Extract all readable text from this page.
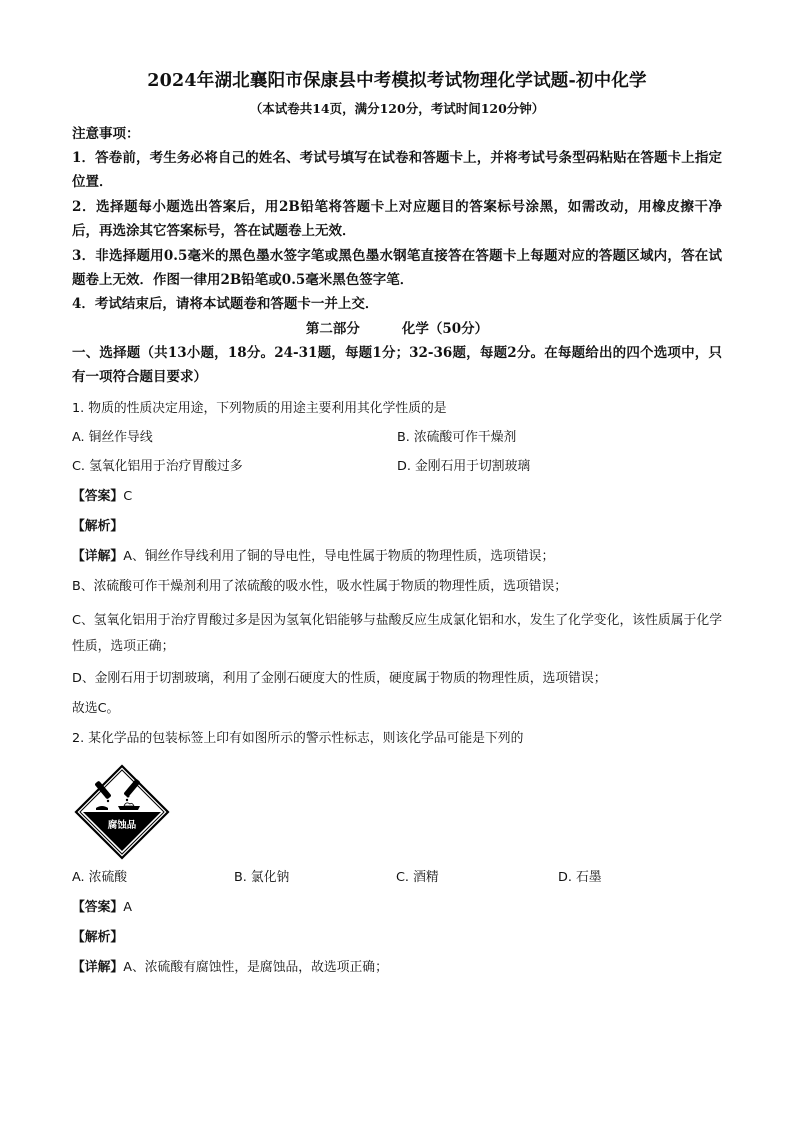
2024年湖北襄阳市保康县中考模拟考试物理化学试题-初中化学
（本试卷共14页，满分120分，考试时间120分钟）
注意事项：
1．答卷前，考生务必将自己的姓名、考试号填写在试卷和答题卡上，并将考试号条型码粘贴在答题卡上指定位置．
2．选择题每小题选出答案后，用2B铅笔将答题卡上对应题目的答案标号涂黑，如需改动，用橡皮擦干净后，再选涂其它答案标号，答在试题卷上无效．
3．非选择题用0.5毫米的黑色墨水签字笔或黑色墨水钢笔直接答在答题卡上每题对应的答题区域内，答在试题卷上无效．作图一律用2B铅笔或0.5毫米黑色签字笔．
4．考试结束后，请将本试题卷和答题卡一并上交．
第二部分	化学（50分）
一、选择题（共13小题，18分。24-31题，每题1分；32-36题，每题2分。在每题给出的四个选项中，只有一项符合题目要求）
1. 物质的性质决定用途，下列物质的用途主要利用其化学性质的是
A. 铜丝作导线	B. 浓硫酸可作干燥剂
C. 氢氧化铝用于治疗胃酸过多	D. 金刚石用于切割玻璃
【答案】C
【解析】
【详解】A、铜丝作导线利用了铜的导电性，导电性属于物质的物理性质，选项错误；
B、浓硫酸可作干燥剂利用了浓硫酸的吸水性，吸水性属于物质的物理性质，选项错误；
C、氢氧化铝用于治疗胃酸过多是因为氢氧化铝能够与盐酸反应生成氯化铝和水，发生了化学变化，该性质属于化学性质，选项正确；
D、金刚石用于切割玻璃，利用了金刚石硬度大的性质，硬度属于物质的物理性质，选项错误；
故选C。
2. 某化学品的包装标签上印有如图所示的警示性标志，则该化学品可能是下列的
腐蚀品
A. 浓硫酸	B. 氯化钠	C. 酒精	D. 石墨
【答案】A
【解析】
【详解】A、浓硫酸有腐蚀性，是腐蚀品，故选项正确；
